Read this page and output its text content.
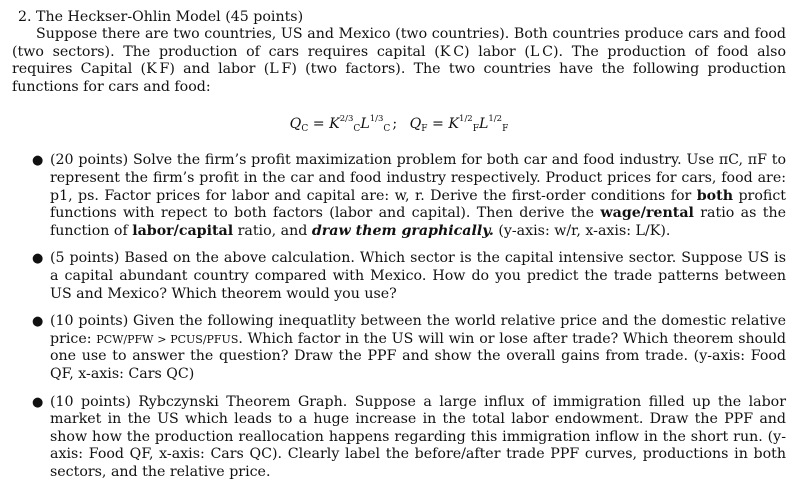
2. The Heckser-Ohlin Model (45 points)

Suppose there are two countries, US and Mexico (two countries). Both countries produce cars and food (two sectors). The production of cars requires capital (K C) labor (L C). The production of food also requires Capital (K F) and labor (L F) (two factors). The two countries have the following production functions for cars and food:

$Q_C = K^{2/3}_CL^{1/3}_C$ ; $Q_F = K^{1/2}_FL^{1/2}_F$
● (20 points) Solve the firm’s profit maximization problem for both car and food industry. Use πC, πF to represent the firm’s profit in the car and food industry respectively. Product prices for cars, food are: p1, ps. Factor prices for labor and capital are: w, r. Derive the first-order conditions for both profict functions with repect to both factors (labor and capital). Then derive the wage/rental ratio as the function of labor/capital ratio, and draw them graphically. (y-axis: w/r, x-axis: L/K).
● (5 points) Based on the above calculation. Which sector is the capital intensive sector. Suppose US is a capital abundant country compared with Mexico. How do you predict the trade patterns between US and Mexico? Which theorem would you use?
● (10 points) Given the following inequatlity between the world relative price and the domestic relative price: PCW/PFW > PCUS/PFUS. Which factor in the US will win or lose after trade? Which theorem should one use to answer the question? Draw the PPF and show the overall gains from trade. (y-axis: Food QF, x-axis: Cars QC)
● (10 points) Rybczynski Theorem Graph. Suppose a large influx of immigration filled up the labor market in the US which leads to a huge increase in the total labor endowment. Draw the PPF and show how the production reallocation happens regarding this immigration inflow in the short run. (y-axis: Food QF, x-axis: Cars QC). Clearly label the before/after trade PPF curves, productions in both sectors, and the relative price.
